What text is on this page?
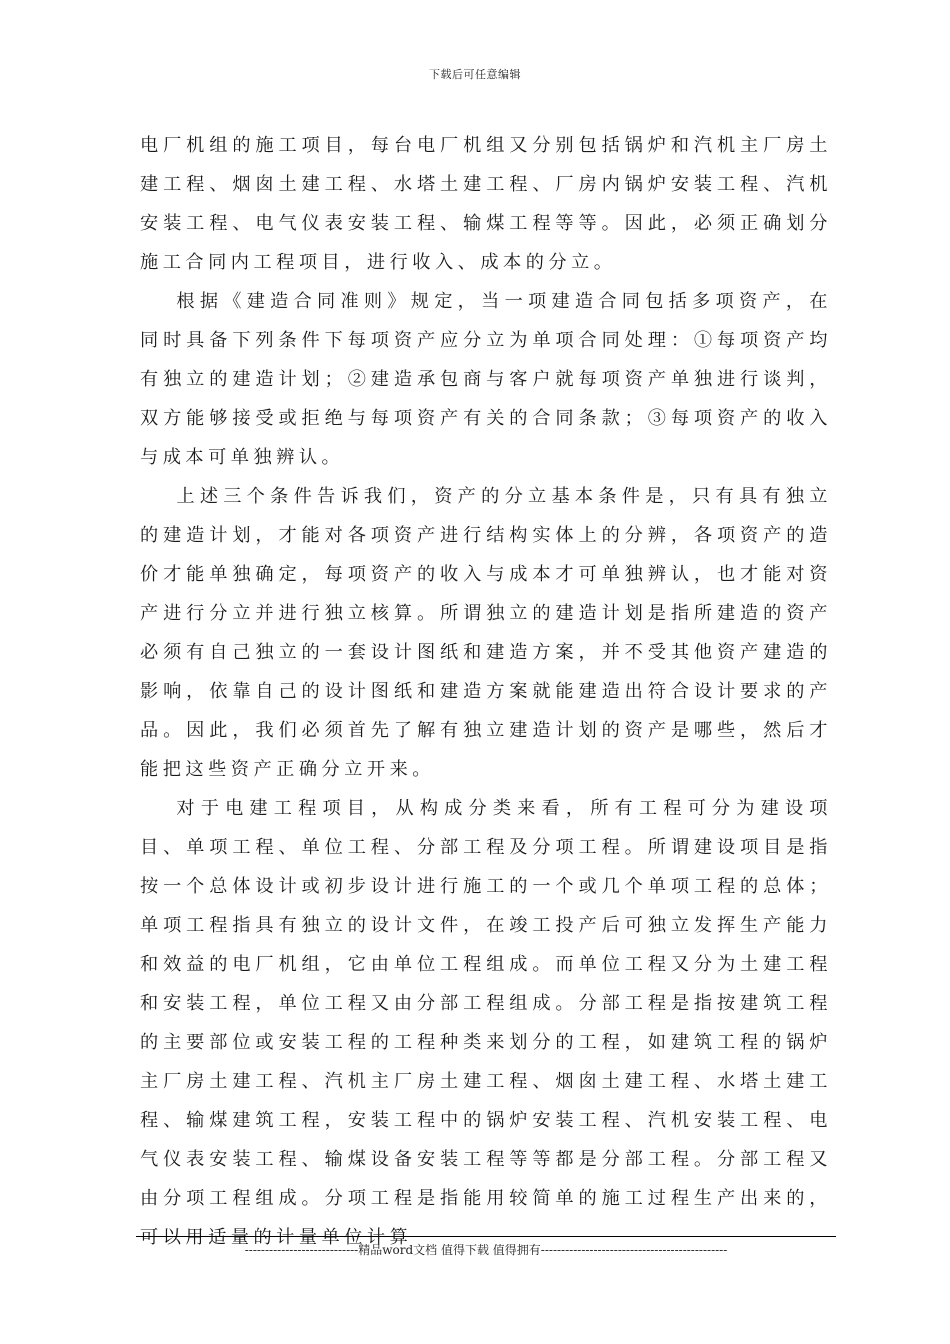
下载后可任意编辑

电厂机组的施工项目，每台电厂机组又分别包括锅炉和汽机主厂房土建工程、烟囱土建工程、水塔土建工程、厂房内锅炉安装工程、汽机安装工程、电气仪表安装工程、输煤工程等等。因此，必须正确划分施工合同内工程项目，进行收入、成本的分立。

根据《建造合同准则》规定，当一项建造合同包括多项资产，在同时具备下列条件下每项资产应分立为单项合同处理：①每项资产均有独立的建造计划；②建造承包商与客户就每项资产单独进行谈判，双方能够接受或拒绝与每项资产有关的合同条款；③每项资产的收入与成本可单独辨认。

上述三个条件告诉我们，资产的分立基本条件是，只有具有独立的建造计划，才能对各项资产进行结构实体上的分辨，各项资产的造价才能单独确定，每项资产的收入与成本才可单独辨认，也才能对资产进行分立并进行独立核算。所谓独立的建造计划是指所建造的资产必须有自己独立的一套设计图纸和建造方案，并不受其他资产建造的影响，依靠自己的设计图纸和建造方案就能建造出符合设计要求的产品。因此，我们必须首先了解有独立建造计划的资产是哪些，然后才能把这些资产正确分立开来。

对于电建工程项目，从构成分类来看，所有工程可分为建设项目、单项工程、单位工程、分部工程及分项工程。所谓建设项目是指按一个总体设计或初步设计进行施工的一个或几个单项工程的总体；单项工程指具有独立的设计文件，在竣工投产后可独立发挥生产能力和效益的电厂机组，它由单位工程组成。而单位工程又分为土建工程和安装工程，单位工程又由分部工程组成。分部工程是指按建筑工程的主要部位或安装工程的工程种类来划分的工程，如建筑工程的锅炉主厂房土建工程、汽机主厂房土建工程、烟囱土建工程、水塔土建工程、输煤建筑工程，安装工程中的锅炉安装工程、汽机安装工程、电气仪表安装工程、输煤设备安装工程等等都是分部工程。分部工程又由分项工程组成。分项工程是指能用较简单的施工过程生产出来的，可以用适量的计量单位计算

----------------------------精品word文档 值得下载 值得拥有----------------------------------------------
